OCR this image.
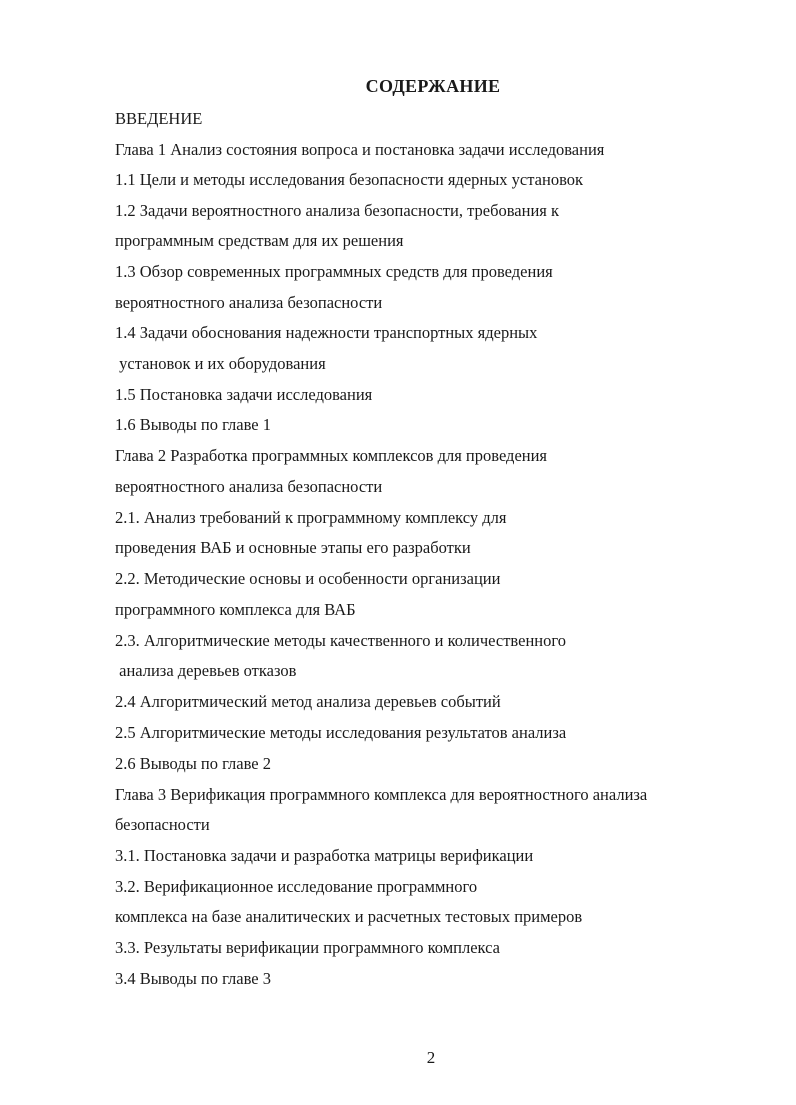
СОДЕРЖАНИЕ
ВВЕДЕНИЕ
Глава 1 Анализ состояния вопроса и постановка задачи исследования
1.1 Цели и методы исследования безопасности ядерных установок
1.2 Задачи вероятностного анализа безопасности, требования к
программным средствам для их решения
1.3 Обзор современных программных средств для проведения
вероятностного анализа безопасности
1.4 Задачи обоснования надежности транспортных ядерных
установок и их оборудования
1.5 Постановка задачи исследования
1.6 Выводы по главе 1
Глава 2 Разработка программных комплексов для проведения
вероятностного анализа безопасности
2.1. Анализ требований к программному комплексу для
проведения ВАБ и основные этапы его разработки
2.2. Методические основы и особенности организации
программного комплекса для ВАБ
2.3. Алгоритмические методы качественного и количественного
анализа деревьев отказов
2.4 Алгоритмический метод анализа деревьев событий
2.5 Алгоритмические методы исследования результатов анализа
2.6 Выводы по главе 2
Глава 3 Верификация программного комплекса для вероятностного анализа
безопасности
3.1. Постановка задачи и разработка матрицы верификации
3.2. Верификационное исследование программного
комплекса на базе аналитических и расчетных тестовых примеров
3.3. Результаты верификации программного комплекса
3.4 Выводы по главе 3
2
